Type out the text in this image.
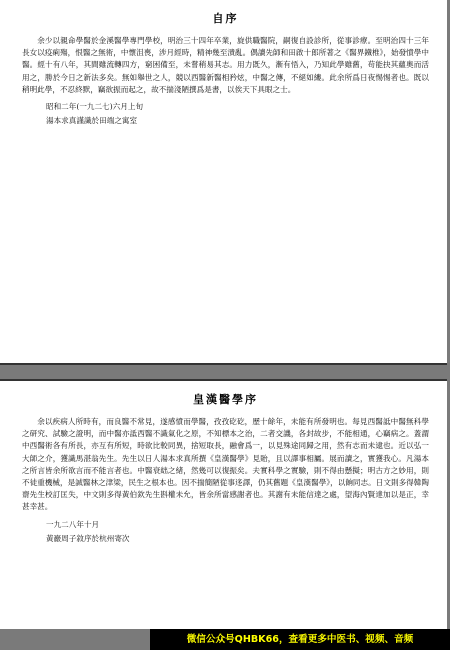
自序

余少以親命學醫於金溪醫學專門學校，明治三十四年卒業，旋供職醫院，嗣復自設診所，從事診療。至明治四十三年長女以疫痢殤，恨醫之無術，中懷沮喪，涉月經時，精神幾至潰亂。偶讀先師和田啟十郎所著之《醫界鐵椎》，始發憤學中醫。經十有八年，其間雖流轉四方，窮困備至，未嘗稍易其志。用力既久，漸有悟入，乃知此學雖舊，苟能抉其蘊奧而活用之，勝於今日之新法多矣。無如舉世之人，競以西醫新醫相矜炫，中醫之傳，不絕如縷。此余所爲日夜惕惕者也。既以稍明此學，不忍終默，竊欲振而起之，故不揣淺陋撰爲是書，以俟天下具眼之士。

昭和二年(一九二七)六月上旬
湯本求真謹識於田端之寓室
皇漢醫學序

余以疾病人所時有，而良醫不常見，遂感憤而學醫，孜孜矻矻，歷十餘年，未能有所發明也。每見西醫詆中醫無科學之研究、試驗之證明，而中醫亦詆西醫不識氣化之原，不知標本之治，二者交譏，各封故步，不能相通，心竊病之。蓋謂中西醫術各有所長，亦互有所短，時欲比較同異，捨短取長，融會爲一，以見殊途同歸之用，然有志而未逮也。近以弘一大師之介，獲識馬湛翁先生。先生以日人湯本求真所撰《皇漢醫學》見貽，且以譯事相屬。展而讀之，實獲我心。凡湯本之所言皆余所欲言而不能言者也。中醫衰絀之緒，然幾可以復振矣。夫實科學之實驗，則不得由懸擬；明古方之妙用，則不徒重機械，是誠醫林之津梁，民生之根本也。因不揣簡陋從事迻譯，仍其舊題《皇漢醫學》，以餉同志。日文則多得韓陶齋先生校訂匡失，中文則多得黃伯欽先生斟權未允，皆余所當感謝者也。其謝有未能信達之處，望海內賢達加以是正，幸甚幸甚。

一九二八年十月
黃巖周子敘序於杭州寄次
微信公众号QHBK66，查看更多中医书、视频、音频
